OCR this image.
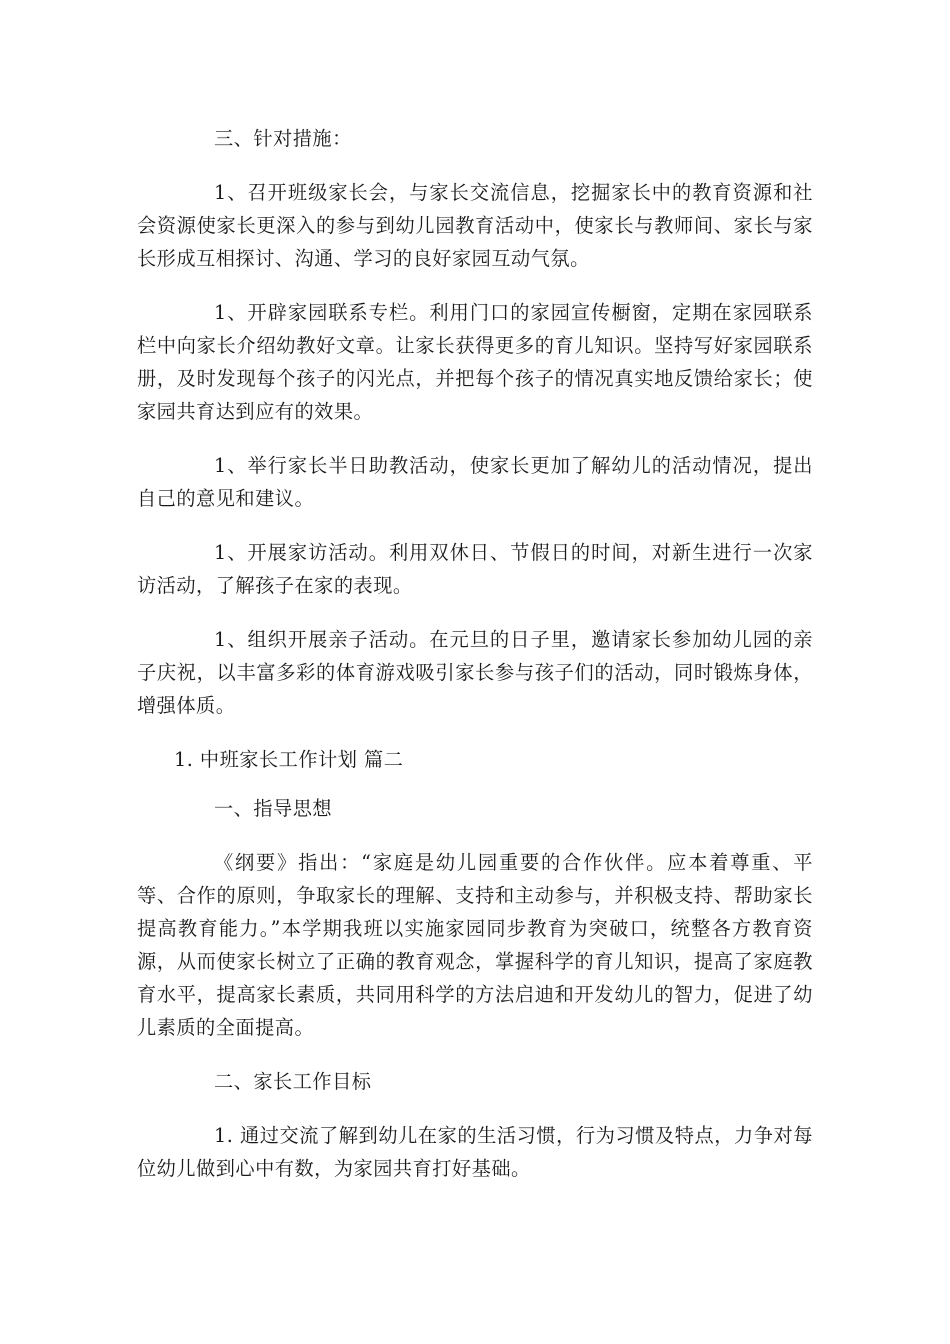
三、针对措施：

1、召开班级家长会，与家长交流信息，挖掘家长中的教育资源和社会资源使家长更深入的参与到幼儿园教育活动中，使家长与教师间、家长与家长形成互相探讨、沟通、学习的良好家园互动气氛。

1、开辟家园联系专栏。利用门口的家园宣传橱窗，定期在家园联系栏中向家长介绍幼教好文章。让家长获得更多的育儿知识。坚持写好家园联系册，及时发现每个孩子的闪光点，并把每个孩子的情况真实地反馈给家长；使家园共育达到应有的效果。

1、举行家长半日助教活动，使家长更加了解幼儿的活动情况，提出自己的意见和建议。

1、开展家访活动。利用双休日、节假日的时间，对新生进行一次家访活动，了解孩子在家的表现。

1、组织开展亲子活动。在元旦的日子里，邀请家长参加幼儿园的亲子庆祝，以丰富多彩的体育游戏吸引家长参与孩子们的活动，同时锻炼身体，增强体质。

1. 中班家长工作计划 篇二

一、指导思想

《纲要》指出：“家庭是幼儿园重要的合作伙伴。应本着尊重、平等、合作的原则，争取家长的理解、支持和主动参与，并积极支持、帮助家长提高教育能力。”本学期我班以实施家园同步教育为突破口，统整各方教育资源，从而使家长树立了正确的教育观念，掌握科学的育儿知识，提高了家庭教育水平，提高家长素质，共同用科学的方法启迪和开发幼儿的智力，促进了幼儿素质的全面提高。

二、家长工作目标

1. 通过交流了解到幼儿在家的生活习惯，行为习惯及特点，力争对每位幼儿做到心中有数，为家园共育打好基础。
